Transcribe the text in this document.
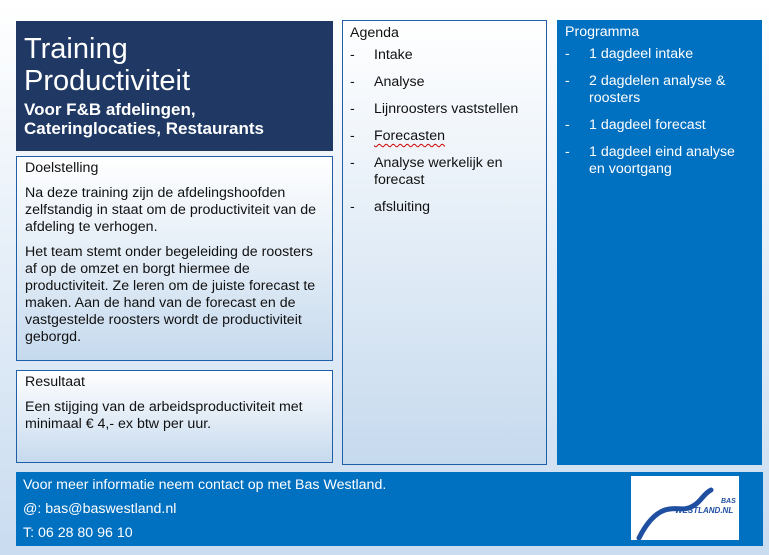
Training
Productiviteit
Voor F&B afdelingen,
Cateringlocaties, Restaurants
Doelstelling
Na deze training zijn de afdelingshoofden zelfstandig in staat om de productiviteit van de afdeling te verhogen.
Het team stemt onder begeleiding de roosters af op de omzet en borgt hiermee de productiviteit. Ze leren om de juiste forecast te maken. Aan de hand van de forecast en de vastgestelde roosters wordt de productiviteit geborgd.
Resultaat
Een stijging van de arbeidsproductiviteit met minimaal € 4,- ex btw per uur.
Agenda
-	Intake
-	Analyse
-	Lijnroosters vaststellen
-	Forecasten
-	Analyse werkelijk en forecast
-	afsluiting
Programma
-	1 dagdeel intake
-	2 dagdelen analyse & roosters
-	1 dagdeel forecast
-	1 dagdeel eind analyse en voortgang
Voor meer informatie neem contact op met Bas Westland.
@: bas@baswestland.nl
T: 06 28 80 96 10
BAS
WESTLAND.NL
